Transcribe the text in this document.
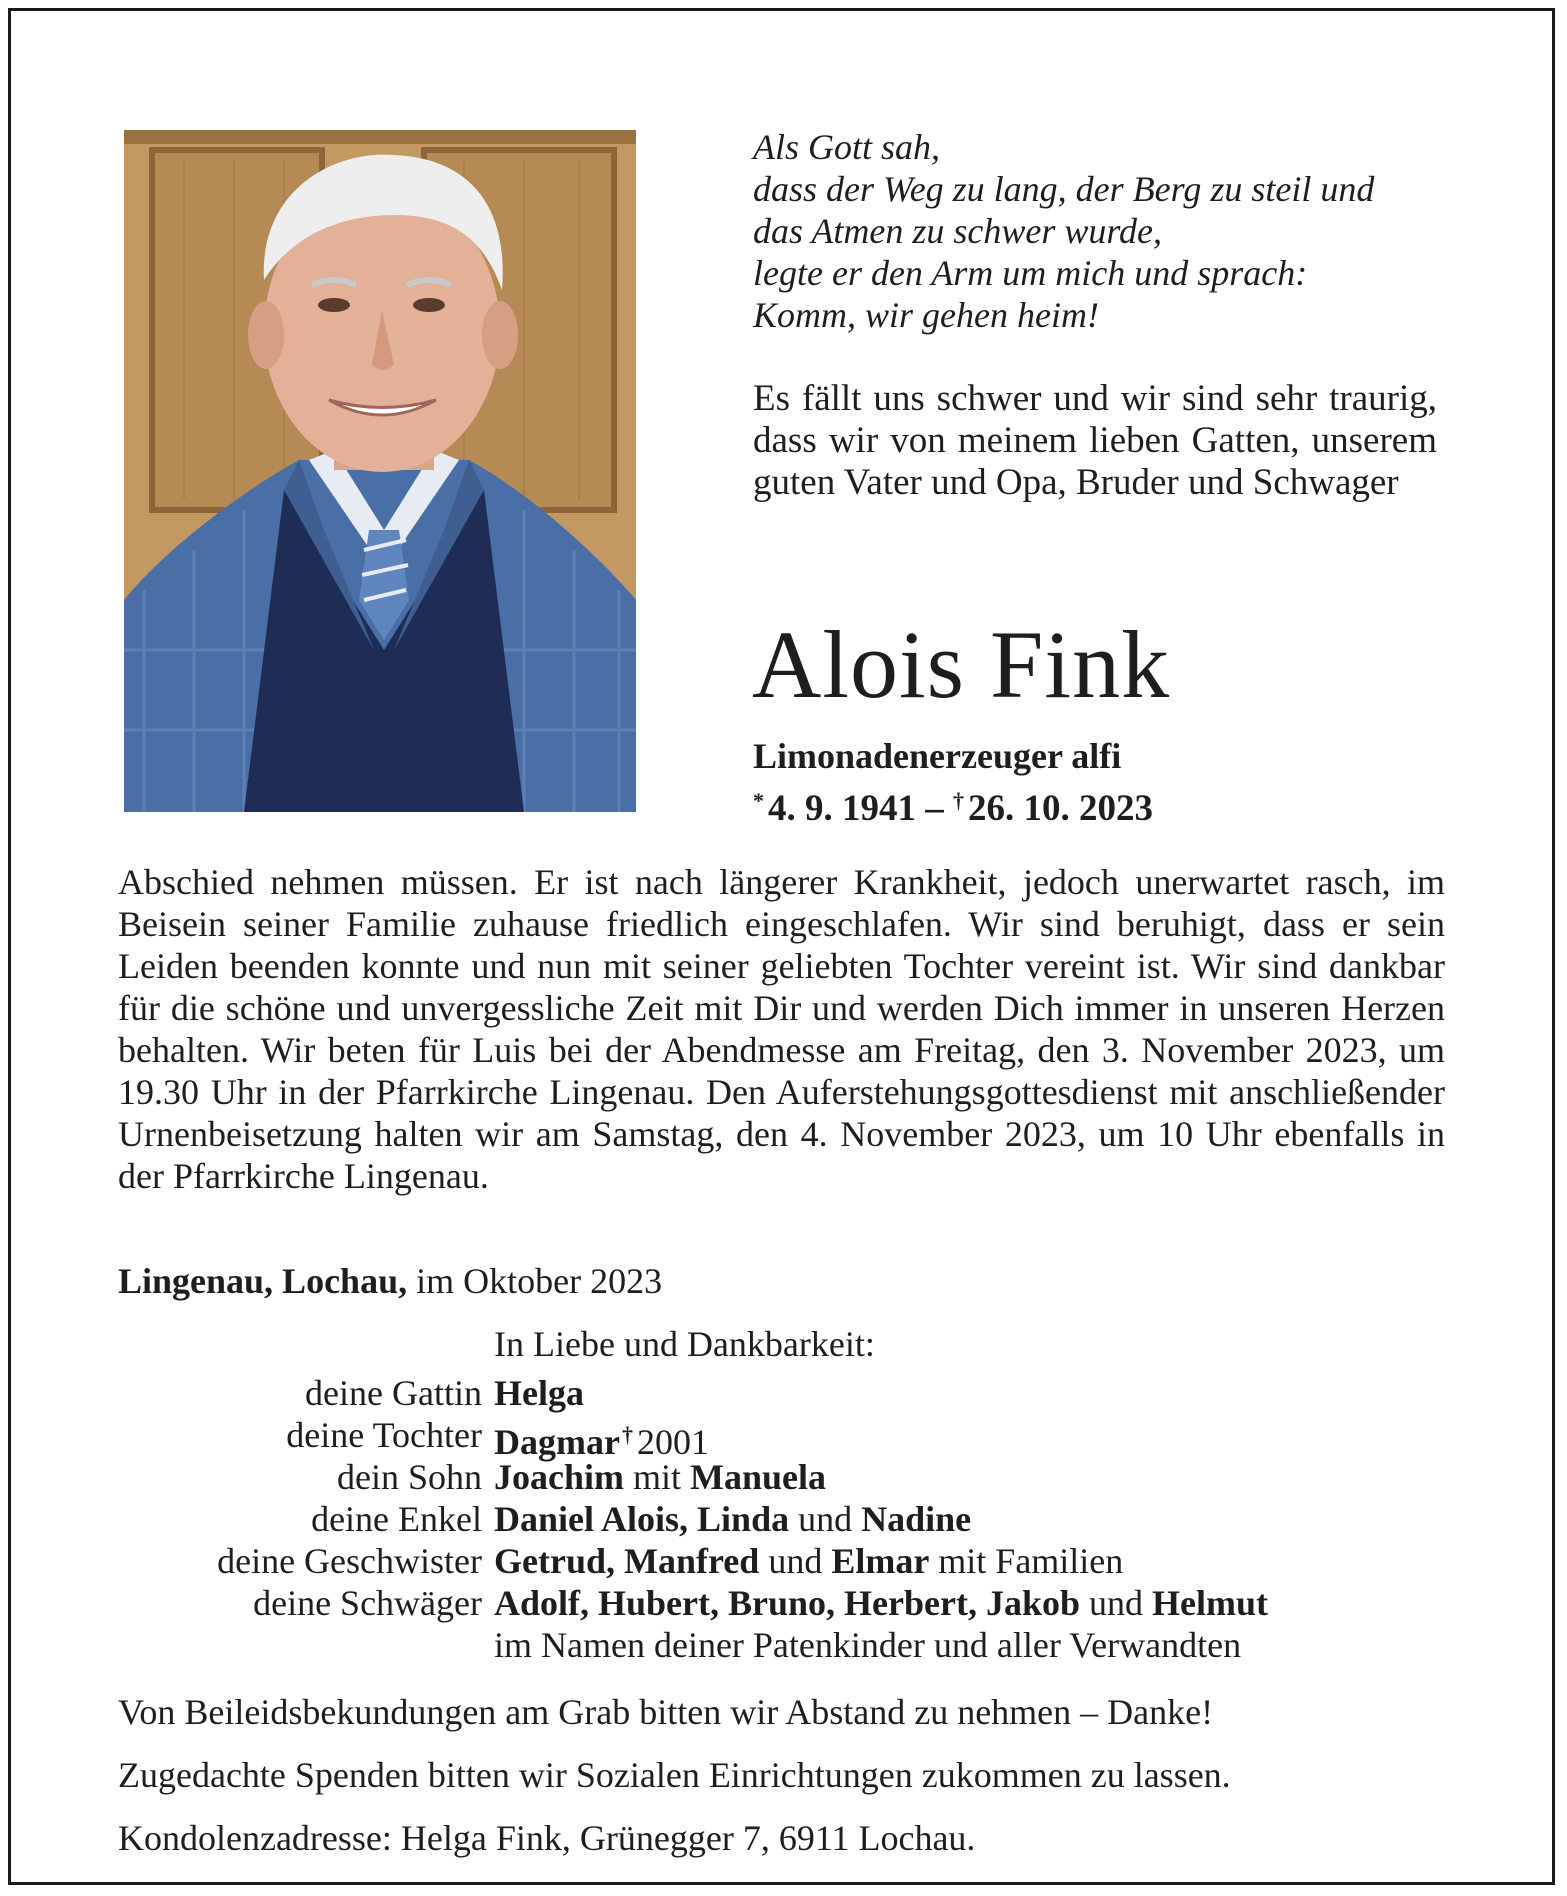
Als Gott sah,
dass der Weg zu lang, der Berg zu steil und
das Atmen zu schwer wurde,
legte er den Arm um mich und sprach:
Komm, wir gehen heim!

Es fällt uns schwer und wir sind sehr traurig, dass wir von meinem lieben Gatten, unserem guten Vater und Opa, Bruder und Schwager

Alois Fink
Limonadenerzeuger alfi
* 4. 9. 1941 – † 26. 10. 2023

Abschied nehmen müssen. Er ist nach längerer Krankheit, jedoch unerwartet rasch, im Beisein seiner Familie zuhause friedlich eingeschlafen. Wir sind beruhigt, dass er sein Leiden beenden konnte und nun mit seiner geliebten Tochter vereint ist. Wir sind dankbar für die schöne und unvergessliche Zeit mit Dir und werden Dich immer in unseren Herzen behalten. Wir beten für Luis bei der Abendmesse am Freitag, den 3. November 2023, um 19.30 Uhr in der Pfarrkirche Lingenau. Den Auferstehungsgottesdienst mit anschließender Urnenbeisetzung halten wir am Samstag, den 4. November 2023, um 10 Uhr ebenfalls in der Pfarrkirche Lingenau.

Lingenau, Lochau, im Oktober 2023
In Liebe und Dankbarkeit:
deine Gattin Helga
deine Tochter Dagmar† 2001
dein Sohn Joachim mit Manuela
deine Enkel Daniel Alois, Linda und Nadine
deine Geschwister Getrud, Manfred und Elmar mit Familien
deine Schwäger Adolf, Hubert, Bruno, Herbert, Jakob und Helmut
im Namen deiner Patenkinder und aller Verwandten
Von Beileidsbekundungen am Grab bitten wir Abstand zu nehmen – Danke!
Zugedachte Spenden bitten wir Sozialen Einrichtungen zukommen zu lassen.
Kondolenzadresse: Helga Fink, Grünegger 7, 6911 Lochau.
